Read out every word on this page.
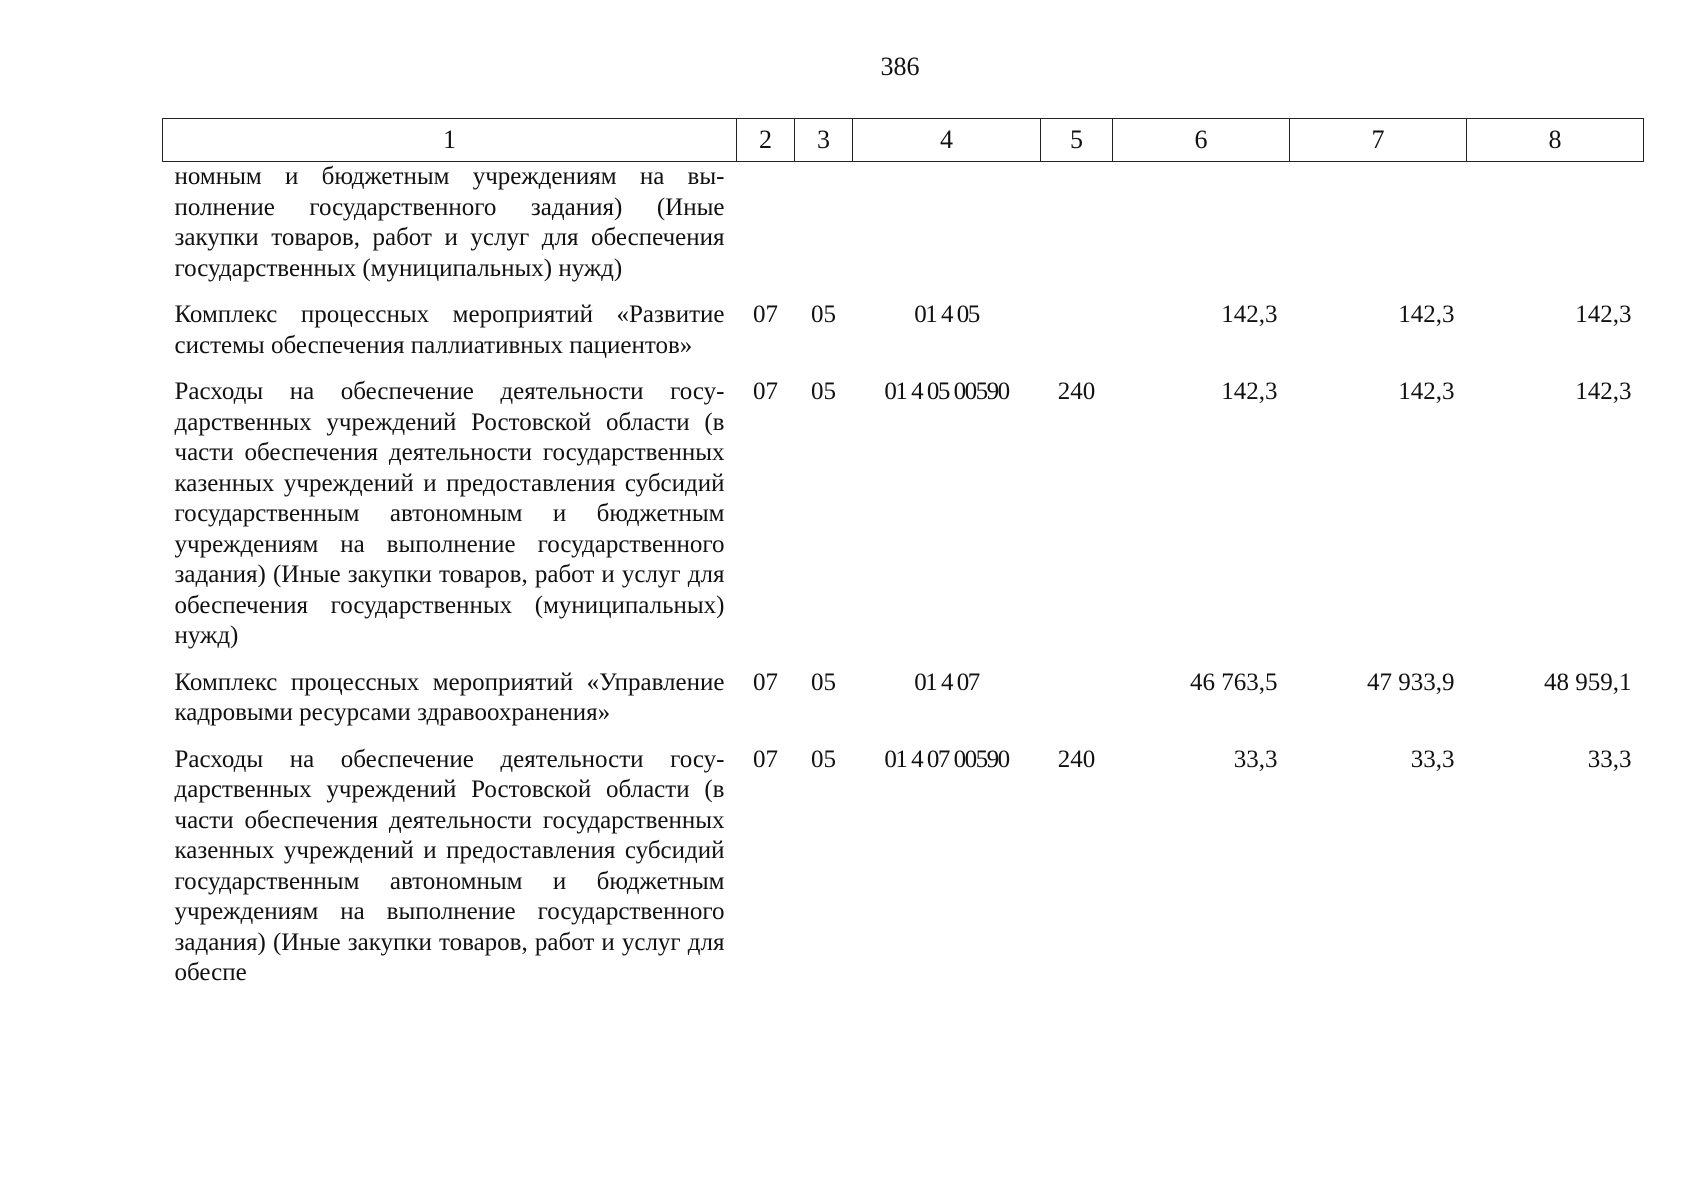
386
1	2	3	4	5	6	7	8
номным и бюджетным учреждениям на выполнение государственного задания) (Иные закупки товаров, работ и услуг для обеспечения государственных (муниципальных) нужд)							
Комплекс процессных мероприятий «Развитие системы обеспечения паллиативных пациентов»	07	05	01 4 05		142,3	142,3	142,3
Расходы на обеспечение деятельности государственных учреждений Ростовской области (в части обеспечения деятельности государственных казенных учреждений и предоставления субсидий государственным автономным и бюджетным учреждениям на выполнение государственного задания) (Иные закупки товаров, работ и услуг для обеспечения государственных (муниципальных) нужд)	07	05	01 4 05 00590	240	142,3	142,3	142,3
Комплекс процессных мероприятий «Управление кадровыми ресурсами здравоохранения»	07	05	01 4 07		46 763,5	47 933,9	48 959,1
Расходы на обеспечение деятельности государственных учреждений Ростовской области (в части обеспечения деятельности государственных казенных учреждений и предоставления субсидий государственным автономным и бюджетным учреждениям на выполнение государственного задания) (Иные закупки товаров, работ и услуг для обеспе	07	05	01 4 07 00590	240	33,3	33,3	33,3
